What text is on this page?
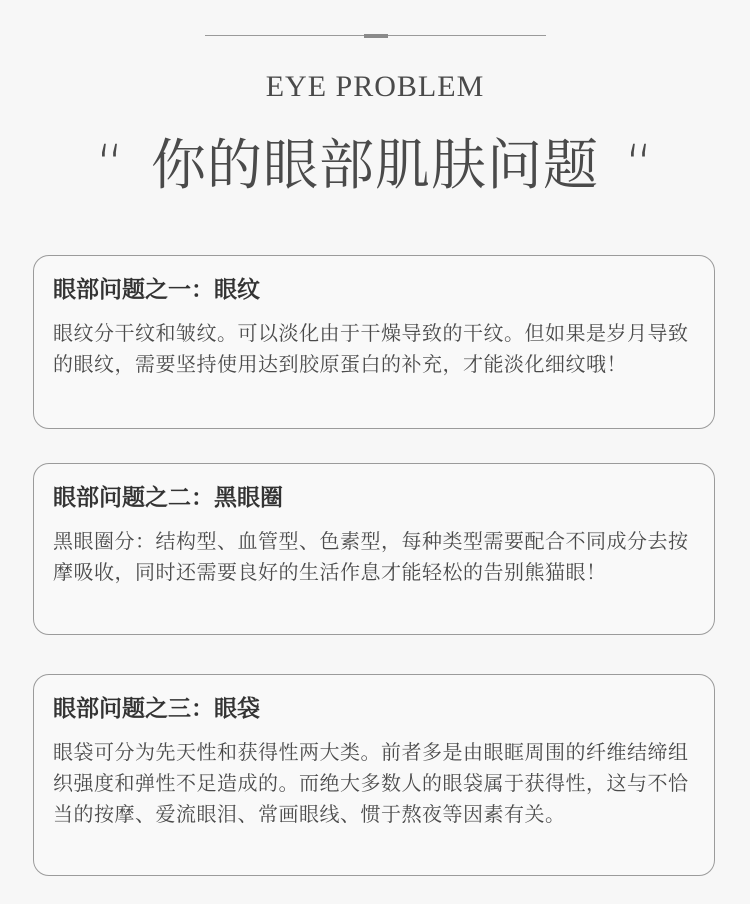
EYE PROBLEM
“ 你的眼部肌肤问题 “
眼部问题之一：眼纹
眼纹分干纹和皱纹。可以淡化由于干燥导致的干纹。但如果是岁月导致的眼纹，需要坚持使用达到胶原蛋白的补充，才能淡化细纹哦！
眼部问题之二：黑眼圈
黑眼圈分：结构型、血管型、色素型，每种类型需要配合不同成分去按摩吸收，同时还需要良好的生活作息才能轻松的告别熊猫眼！
眼部问题之三：眼袋
眼袋可分为先天性和获得性两大类。前者多是由眼眶周围的纤维结缔组织强度和弹性不足造成的。而绝大多数人的眼袋属于获得性，这与不恰当的按摩、爱流眼泪、常画眼线、惯于熬夜等因素有关。
